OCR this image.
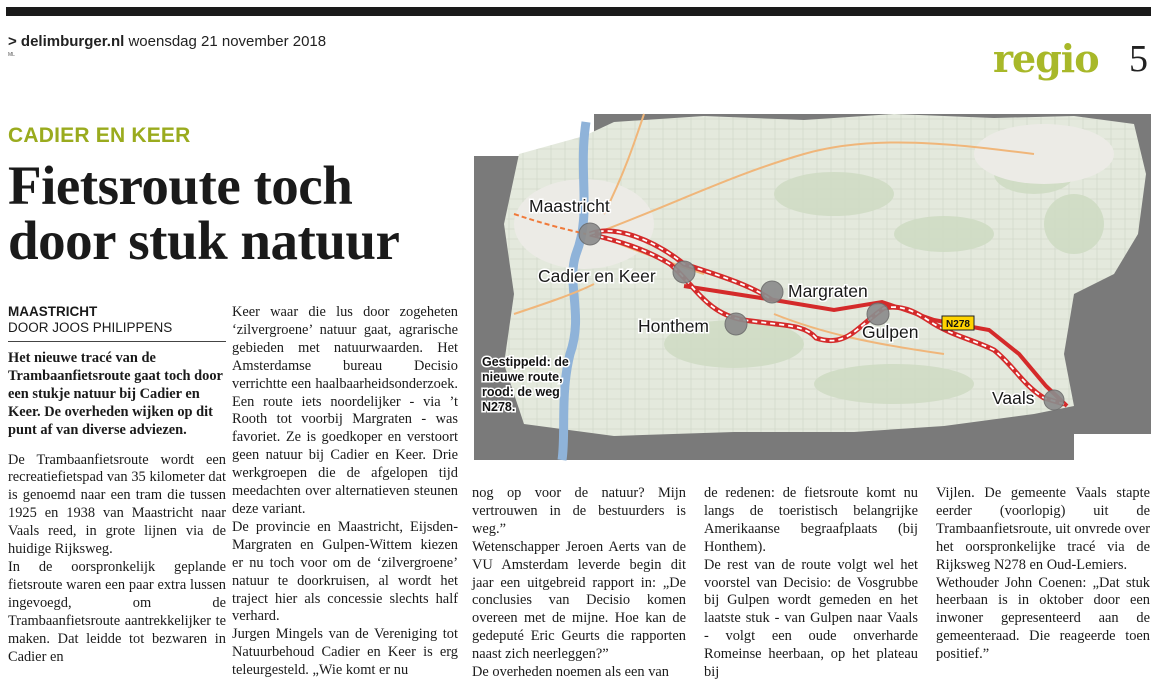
> delimburger.nl woensdag 21 november 2018
ML	regio 5
CADIER EN KEER
Fietsroute toch door stuk natuur
N278
Maastricht
Cadier en Keer
Margraten
Honthem	Gulpen
Vaals
Gestippeld: de nieuwe route, rood: de weg N278.
MAASTRICHT
DOOR JOOS PHILIPPENS

Het nieuwe tracé van de Trambaanfietsroute gaat toch door een stukje natuur bij Cadier en Keer. De overheden wijken op dit punt af van diverse adviezen.

De Trambaanfietsroute wordt een recreatiefietspad van 35 kilometer dat is genoemd naar een tram die tussen 1925 en 1938 van Maastricht naar Vaals reed, in grote lijnen via de huidige Rijksweg.

In de oorspronkelijk geplande fietsroute waren een paar extra lussen ingevoegd, om de Trambaanfietsroute aantrekkelijker te maken. Dat leidde tot bezwaren in Cadier en

Keer waar die lus door zogeheten ‘zilvergroene’ natuur gaat, agrarische gebieden met natuurwaarden. Het Amsterdamse bureau Decisio verrichtte een haalbaarheidsonderzoek. Een route iets noordelijker - via ’t Rooth tot voorbij Margraten - was favoriet. Ze is goedkoper en verstoort geen natuur bij Cadier en Keer. Drie werkgroepen die de afgelopen tijd meedachten over alternatieven steunen deze variant.

De provincie en Maastricht, Eijsden-Margraten en Gulpen-Wittem kiezen er nu toch voor om de ‘zilvergroene’ natuur te doorkruisen, al wordt het traject hier als concessie slechts half verhard.

Jurgen Mingels van de Vereniging tot Natuurbehoud Cadier en Keer is erg teleurgesteld. „Wie komt er nu

nog op voor de natuur? Mijn vertrouwen in de bestuurders is weg.”

Wetenschapper Jeroen Aerts van de VU Amsterdam leverde begin dit jaar een uitgebreid rapport in: „De conclusies van Decisio komen overeen met de mijne. Hoe kan de gedeputé Eric Geurts die rapporten naast zich neerleggen?”

De overheden noemen als een van

de redenen: de fietsroute komt nu langs de toeristisch belangrijke Amerikaanse begraafplaats (bij Honthem).

De rest van de route volgt wel het voorstel van Decisio: de Vosgrubbe bij Gulpen wordt gemeden en het laatste stuk - van Gulpen naar Vaals - volgt een oude onverharde Romeinse heerbaan, op het plateau bij

Vijlen. De gemeente Vaals stapte eerder (voorlopig) uit de Trambaanfietsroute, uit onvrede over het oorspronkelijke tracé via de Rijksweg N278 en Oud-Lemiers.

Wethouder John Coenen: „Dat stuk heerbaan is in oktober door een inwoner gepresenteerd aan de gemeenteraad. Die reageerde toen positief.”
